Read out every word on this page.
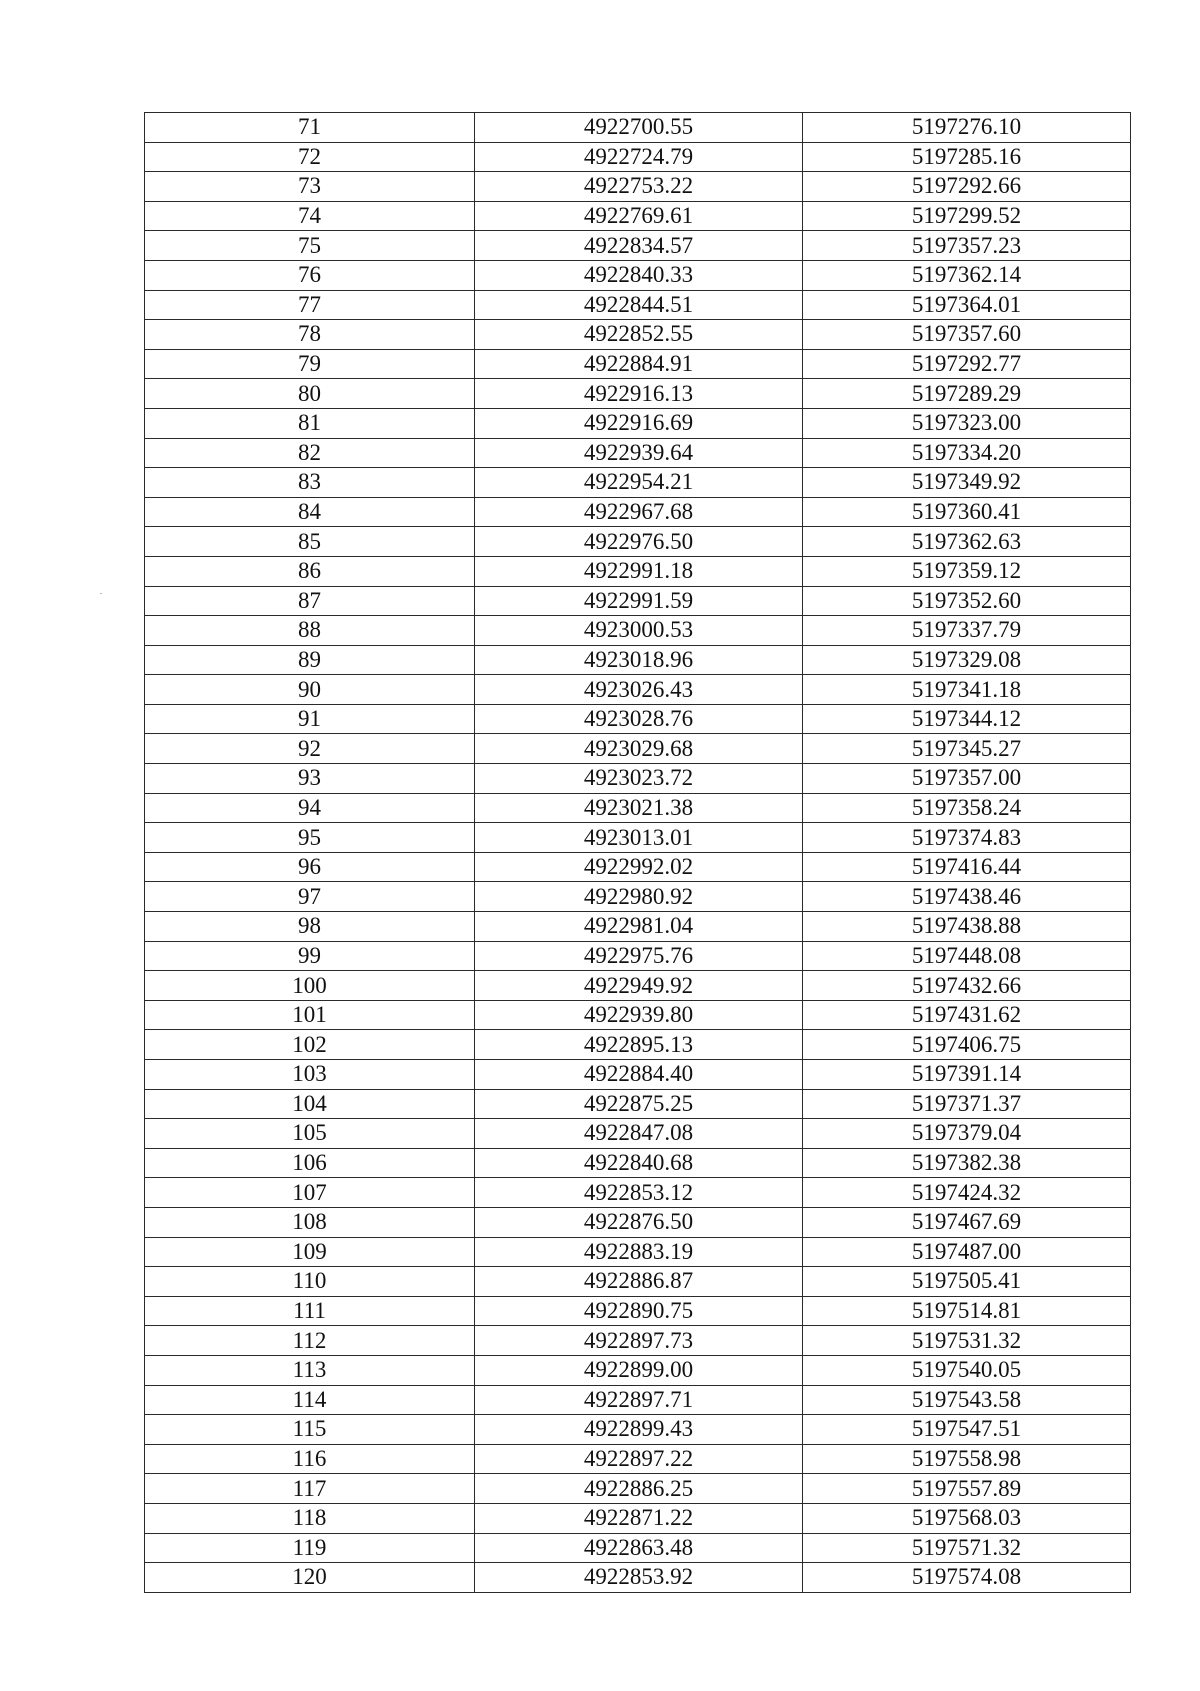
71	4922700.55	5197276.10
72	4922724.79	5197285.16
73	4922753.22	5197292.66
74	4922769.61	5197299.52
75	4922834.57	5197357.23
76	4922840.33	5197362.14
77	4922844.51	5197364.01
78	4922852.55	5197357.60
79	4922884.91	5197292.77
80	4922916.13	5197289.29
81	4922916.69	5197323.00
82	4922939.64	5197334.20
83	4922954.21	5197349.92
84	4922967.68	5197360.41
85	4922976.50	5197362.63
86	4922991.18	5197359.12
87	4922991.59	5197352.60
88	4923000.53	5197337.79
89	4923018.96	5197329.08
90	4923026.43	5197341.18
91	4923028.76	5197344.12
92	4923029.68	5197345.27
93	4923023.72	5197357.00
94	4923021.38	5197358.24
95	4923013.01	5197374.83
96	4922992.02	5197416.44
97	4922980.92	5197438.46
98	4922981.04	5197438.88
99	4922975.76	5197448.08
100	4922949.92	5197432.66
101	4922939.80	5197431.62
102	4922895.13	5197406.75
103	4922884.40	5197391.14
104	4922875.25	5197371.37
105	4922847.08	5197379.04
106	4922840.68	5197382.38
107	4922853.12	5197424.32
108	4922876.50	5197467.69
109	4922883.19	5197487.00
110	4922886.87	5197505.41
111	4922890.75	5197514.81
112	4922897.73	5197531.32
113	4922899.00	5197540.05
114	4922897.71	5197543.58
115	4922899.43	5197547.51
116	4922897.22	5197558.98
117	4922886.25	5197557.89
118	4922871.22	5197568.03
119	4922863.48	5197571.32
120	4922853.92	5197574.08
